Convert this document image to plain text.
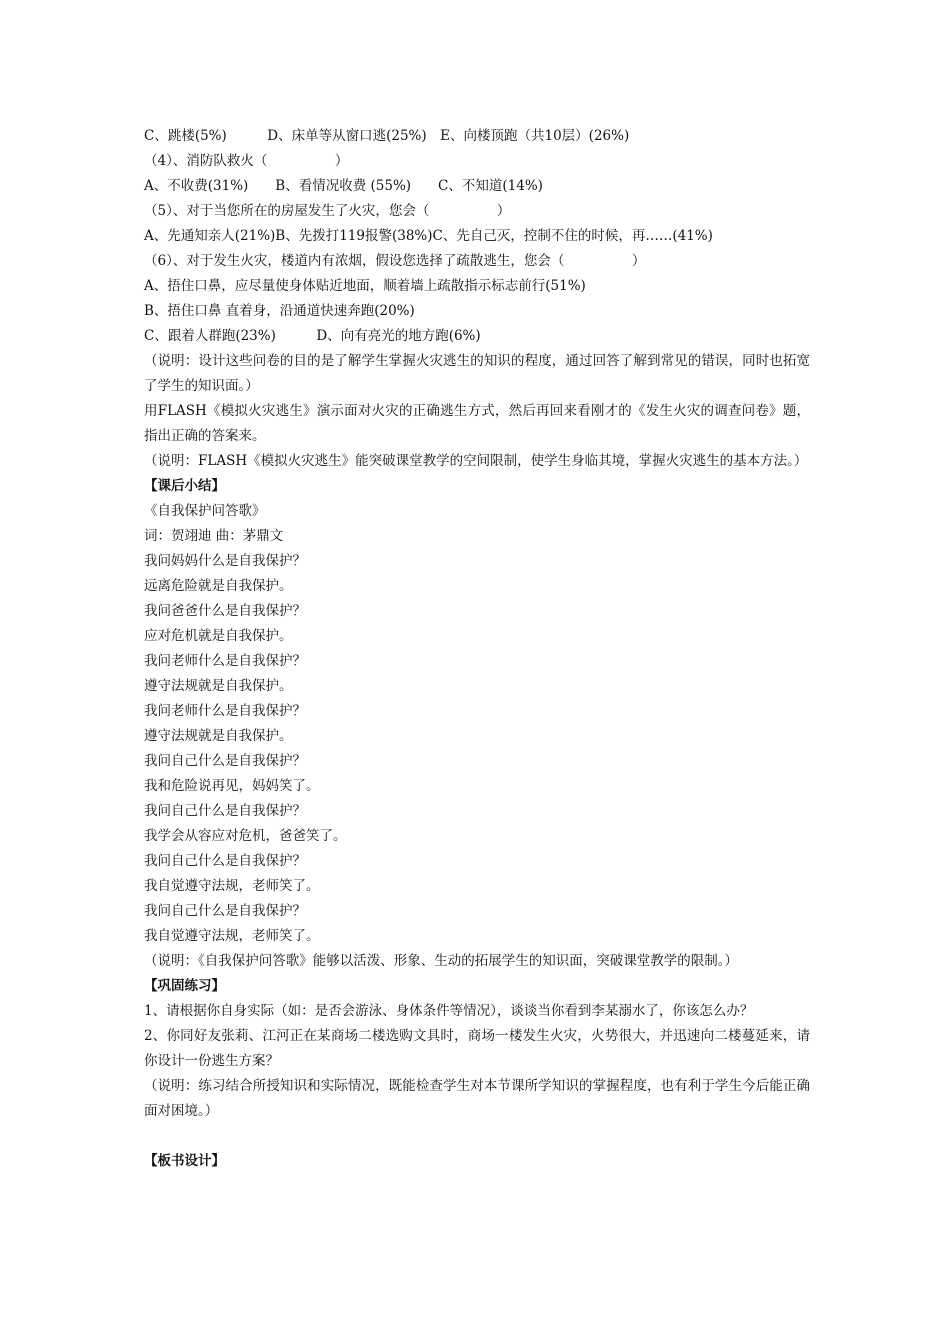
C、跳楼(5%)　　　D、床单等从窗口逃(25%)　E、向楼顶跑（共10层）(26%)
（4）、消防队救火（　　　　　）
A、不收费(31%)　　B、看情况收费 (55%)　　C、不知道(14%)
（5）、对于当您所在的房屋发生了火灾，您会（　　　　　）
A、先通知亲人(21%)B、先拨打119报警(38%)C、先自己灭，控制不住的时候，再……(41%)
（6）、对于发生火灾，楼道内有浓烟，假设您选择了疏散逃生，您会（　　　　　）
A、捂住口鼻，应尽量使身体贴近地面，顺着墙上疏散指示标志前行(51%)
B、捂住口鼻 直着身，沿通道快速奔跑(20%)
C、跟着人群跑(23%)　　　D、向有亮光的地方跑(6%)
（说明：设计这些问卷的目的是了解学生掌握火灾逃生的知识的程度，通过回答了解到常见的错误，同时也拓宽了学生的知识面。）
用FLASH《模拟火灾逃生》演示面对火灾的正确逃生方式，然后再回来看刚才的《发生火灾的调查问卷》题，指出正确的答案来。
（说明：FLASH《模拟火灾逃生》能突破课堂教学的空间限制，使学生身临其境，掌握火灾逃生的基本方法。）
【课后小结】
《自我保护问答歌》
词：贺翊迪 曲：茅鼎文
我问妈妈什么是自我保护？
远离危险就是自我保护。
我问爸爸什么是自我保护？
应对危机就是自我保护。
我问老师什么是自我保护？
遵守法规就是自我保护。
我问老师什么是自我保护？
遵守法规就是自我保护。
我问自己什么是自我保护？
我和危险说再见，妈妈笑了。
我问自己什么是自我保护？
我学会从容应对危机，爸爸笑了。
我问自己什么是自我保护？
我自觉遵守法规，老师笑了。
我问自己什么是自我保护？
我自觉遵守法规，老师笑了。
（说明：《自我保护问答歌》能够以活泼、形象、生动的拓展学生的知识面，突破课堂教学的限制。）
【巩固练习】
1、请根据你自身实际（如：是否会游泳、身体条件等情况），谈谈当你看到李某溺水了，你该怎么办？
2、你同好友张莉、江河正在某商场二楼选购文具时，商场一楼发生火灾，火势很大，并迅速向二楼蔓延来，请你设计一份逃生方案？
（说明：练习结合所授知识和实际情况，既能检查学生对本节课所学知识的掌握程度，也有利于学生今后能正确面对困境。）
【板书设计】
